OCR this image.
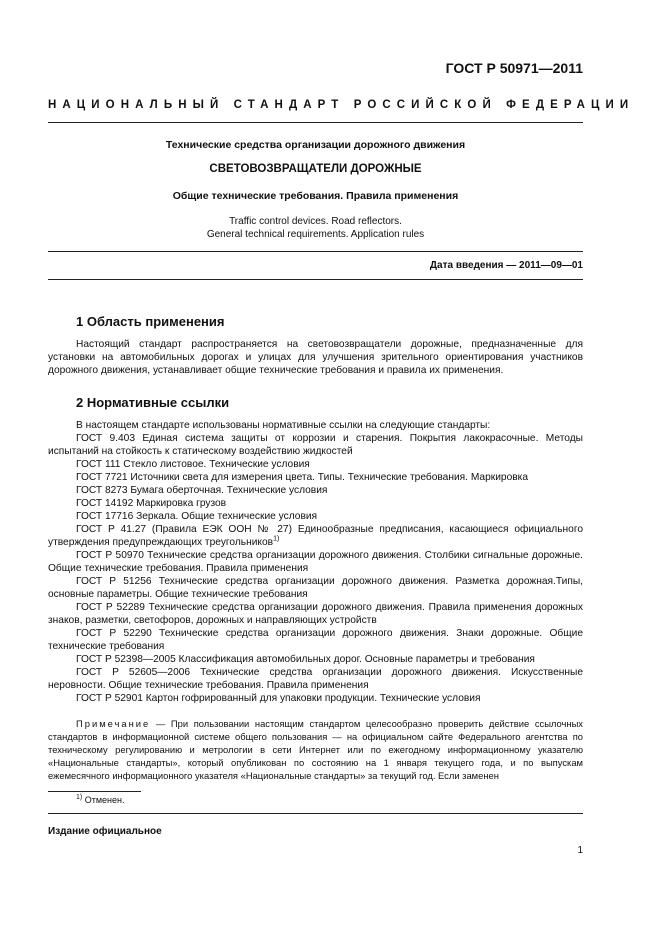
ГОСТ Р 50971—2011
НАЦИОНАЛЬНЫЙ СТАНДАРТ РОССИЙСКОЙ ФЕДЕРАЦИИ
Технические средства организации дорожного движения
СВЕТОВОЗВРАЩАТЕЛИ ДОРОЖНЫЕ
Общие технические требования. Правила применения
Traffic control devices. Road reflectors.
General technical requirements. Application rules
Дата введения — 2011—09—01
1 Область применения
Настоящий стандарт распространяется на световозвращатели дорожные, предназначенные для установки на автомобильных дорогах и улицах для улучшения зрительного ориентирования участников дорожного движения, устанавливает общие технические требования и правила их применения.
2 Нормативные ссылки
В настоящем стандарте использованы нормативные ссылки на следующие стандарты:
ГОСТ 9.403 Единая система защиты от коррозии и старения. Покрытия лакокрасочные. Методы испытаний на стойкость к статическому воздействию жидкостей
ГОСТ 111 Стекло листовое. Технические условия
ГОСТ 7721 Источники света для измерения цвета. Типы. Технические требования. Маркировка
ГОСТ 8273 Бумага оберточная. Технические условия
ГОСТ 14192 Маркировка грузов
ГОСТ 17716 Зеркала. Общие технические условия
ГОСТ Р 41.27 (Правила ЕЭК ООН № 27) Единообразные предписания, касающиеся официального утверждения предупреждающих треугольников$^{1)}$
ГОСТ Р 50970 Технические средства организации дорожного движения. Столбики сигнальные дорожные. Общие технические требования. Правила применения
ГОСТ Р 51256 Технические средства организации дорожного движения. Разметка дорожная.Типы, основные параметры. Общие технические требования
ГОСТ Р 52289 Технические средства организации дорожного движения. Правила применения дорожных знаков, разметки, светофоров, дорожных и направляющих устройств
ГОСТ Р 52290 Технические средства организации дорожного движения. Знаки дорожные. Общие технические требования
ГОСТ Р 52398—2005 Классификация автомобильных дорог. Основные параметры и требования
ГОСТ Р 52605—2006 Технические средства организации дорожного движения. Искусственные неровности. Общие технические требования. Правила применения
ГОСТ Р 52901 Картон гофрированный для упаковки продукции. Технические условия
Примечание — При пользовании настоящим стандартом целесообразно проверить действие ссылочных стандартов в информационной системе общего пользования — на официальном сайте Федерального агентства по техническому регулированию и метрологии в сети Интернет или по ежегодному информационному указателю «Национальные стандарты», который опубликован по состоянию на 1 января текущего года, и по выпускам ежемесячного информационного указателя «Национальные стандарты» за текущий год. Если заменен
$^{1)}$ Отменен.
Издание официальное
1
